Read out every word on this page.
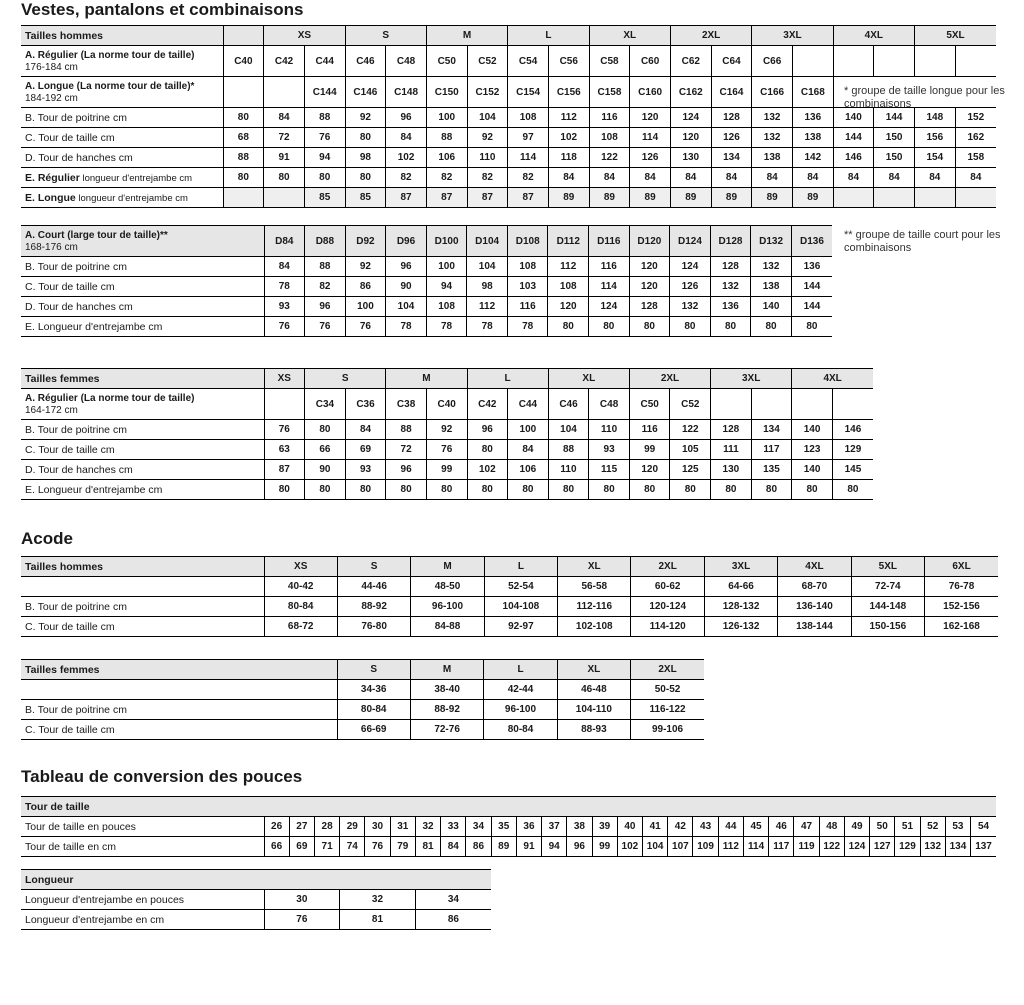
Vestes, pantalons et combinaisons
Tailles hommes		XS		S		M		L		XL		2XL		3XL		4XL		5XL	

A. Régulier (La norme tour de taille)
176-184 cm	C40	C42	C44	C46	C48	C50	C52	C54	C56	C58	C60	C62	C64	C66					

A. Longue (La norme tour de taille)*
184-192 cm			C144	C146	C148	C150	C152	C154	C156	C158	C160	C162	C164	C166	C168				
B. Tour de poitrine cm	80	84	88	92	96	100	104	108	112	116	120	124	128	132	136	140	144	148	152
C. Tour de taille cm	68	72	76	80	84	88	92	97	102	108	114	120	126	132	138	144	150	156	162
D. Tour de hanches cm	88	91	94	98	102	106	110	114	118	122	126	130	134	138	142	146	150	154	158
E. Régulier longueur d'entrejambe cm	80	80	80	80	82	82	82	82	84	84	84	84	84	84	84	84	84	84	84
E. Longue longueur d'entrejambe cm			85	85	87	87	87	87	89	89	89	89	89	89	89				
* groupe de taille longue pour les combinaisons
A. Court (large tour de taille)**
168-176 cm	D84	D88	D92	D96	D100	D104	D108	D112	D116	D120	D124	D128	D132	D136
B. Tour de poitrine cm	84	88	92	96	100	104	108	112	116	120	124	128	132	136
C. Tour de taille cm	78	82	86	90	94	98	103	108	114	120	126	132	138	144
D. Tour de hanches cm	93	96	100	104	108	112	116	120	124	128	132	136	140	144
E. Longueur d'entrejambe cm	76	76	76	78	78	78	78	80	80	80	80	80	80	80
** groupe de taille court pour les combinaisons
Tailles femmes	XS	S		M		L		XL		2XL		3XL		4XL	

A. Régulier (La norme tour de taille)
164-172 cm		C34	C36	C38	C40	C42	C44	C46	C48	C50	C52				
B. Tour de poitrine cm	76	80	84	88	92	96	100	104	110	116	122	128	134	140	146
C. Tour de taille cm	63	66	69	72	76	80	84	88	93	99	105	111	117	123	129
D. Tour de hanches cm	87	90	93	96	99	102	106	110	115	120	125	130	135	140	145
E. Longueur d'entrejambe cm	80	80	80	80	80	80	80	80	80	80	80	80	80	80	80
Acode
Tailles hommes	XS	S	M	L	XL	2XL	3XL	4XL	5XL	6XL
	40-42	44-46	48-50	52-54	56-58	60-62	64-66	68-70	72-74	76-78
B. Tour de poitrine cm	80-84	88-92	96-100	104-108	112-116	120-124	128-132	136-140	144-148	152-156
C. Tour de taille cm	68-72	76-80	84-88	92-97	102-108	114-120	126-132	138-144	150-156	162-168
Tailles femmes	S	M	L	XL	2XL
	34-36	38-40	42-44	46-48	50-52
B. Tour de poitrine cm	80-84	88-92	96-100	104-110	116-122
C. Tour de taille cm	66-69	72-76	80-84	88-93	99-106
Tableau de conversion des pouces
Tour de taille																													
Tour de taille en pouces	26	27	28	29	30	31	32	33	34	35	36	37	38	39	40	41	42	43	44	45	46	47	48	49	50	51	52	53	54
Tour de taille en cm	66	69	71	74	76	79	81	84	86	89	91	94	96	99	102	104	107	109	112	114	117	119	122	124	127	129	132	134	137
Longueur			
Longueur d'entrejambe en pouces	30	32	34
Longueur d'entrejambe en cm	76	81	86
